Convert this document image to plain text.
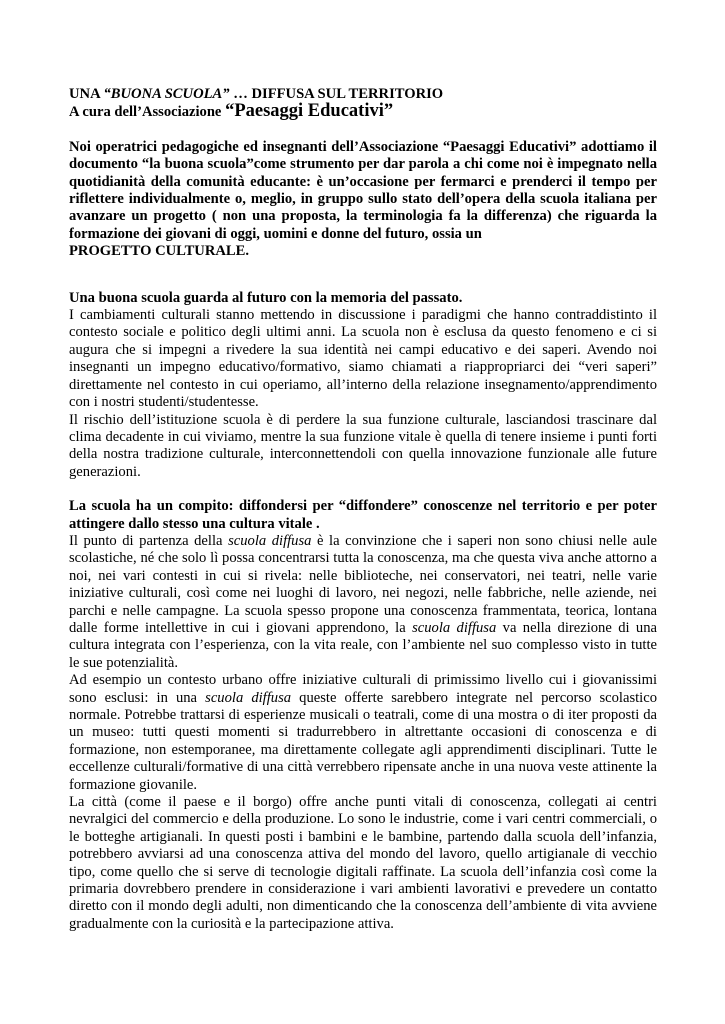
UNA “BUONA SCUOLA” … DIFFUSA SUL TERRITORIO

A cura dell’Associazione “Paesaggi Educativi”

Noi operatrici pedagogiche ed insegnanti dell’Associazione “Paesaggi Educativi” adottiamo il documento “la buona scuola”come strumento per dar parola a chi come noi è impegnato nella quotidianità della comunità educante: è un’occasione per fermarci e prenderci il tempo per riflettere individualmente o, meglio, in gruppo sullo stato dell’opera della scuola italiana per avanzare un progetto ( non una proposta, la terminologia fa la differenza) che riguarda la formazione dei giovani di oggi, uomini e donne del futuro, ossia un

PROGETTO CULTURALE.

Una buona scuola guarda al futuro con la memoria del passato.

I cambiamenti culturali stanno mettendo in discussione i paradigmi che hanno contraddistinto il contesto sociale e politico degli ultimi anni. La scuola non è esclusa da questo fenomeno e ci si augura che si impegni a rivedere la sua identità nei campi educativo e dei saperi. Avendo noi insegnanti un impegno educativo/formativo, siamo chiamati a riappropriarci dei “veri saperi” direttamente nel contesto in cui operiamo, all’interno della relazione insegnamento/apprendimento con i nostri studenti/studentesse.

Il rischio dell’istituzione scuola è di perdere la sua funzione culturale, lasciandosi trascinare dal clima decadente in cui viviamo, mentre la sua funzione vitale è quella di tenere insieme i punti forti della nostra tradizione culturale, interconnettendoli con quella innovazione funzionale alle future generazioni.

La scuola ha un compito: diffondersi per “diffondere” conoscenze nel territorio e per poter attingere dallo stesso una cultura vitale .

Il punto di partenza della scuola diffusa è la convinzione che i saperi non sono chiusi nelle aule scolastiche, né che solo lì possa concentrarsi tutta la conoscenza, ma che questa viva anche attorno a noi, nei vari contesti in cui si rivela: nelle biblioteche, nei conservatori, nei teatri, nelle varie iniziative culturali, così come nei luoghi di lavoro, nei negozi, nelle fabbriche, nelle aziende, nei parchi e nelle campagne. La scuola spesso propone una conoscenza frammentata, teorica, lontana dalle forme intellettive in cui i giovani apprendono, la scuola diffusa va nella direzione di una cultura integrata con l’esperienza, con la vita reale, con l’ambiente nel suo complesso visto in tutte le sue potenzialità.

Ad esempio un contesto urbano offre iniziative culturali di primissimo livello cui i giovanissimi sono esclusi: in una scuola diffusa queste offerte sarebbero integrate nel percorso scolastico normale. Potrebbe trattarsi di esperienze musicali o teatrali, come di una mostra o di iter proposti da un museo: tutti questi momenti si tradurrebbero in altrettante occasioni di conoscenza e di formazione, non estemporanee, ma direttamente collegate agli apprendimenti disciplinari. Tutte le eccellenze culturali/formative di una città verrebbero ripensate anche in una nuova veste attinente la formazione giovanile.

La città (come il paese e il borgo) offre anche punti vitali di conoscenza, collegati ai centri nevralgici del commercio e della produzione. Lo sono le industrie, come i vari centri commerciali, o le botteghe artigianali. In questi posti i bambini e le bambine, partendo dalla scuola dell’infanzia, potrebbero avviarsi ad una conoscenza attiva del mondo del lavoro, quello artigianale di vecchio tipo, come quello che si serve di tecnologie digitali raffinate. La scuola dell’infanzia così come la primaria dovrebbero prendere in considerazione i vari ambienti lavorativi e prevedere un contatto diretto con il mondo degli adulti, non dimenticando che la conoscenza dell’ambiente di vita avviene gradualmente con la curiosità e la partecipazione attiva.
